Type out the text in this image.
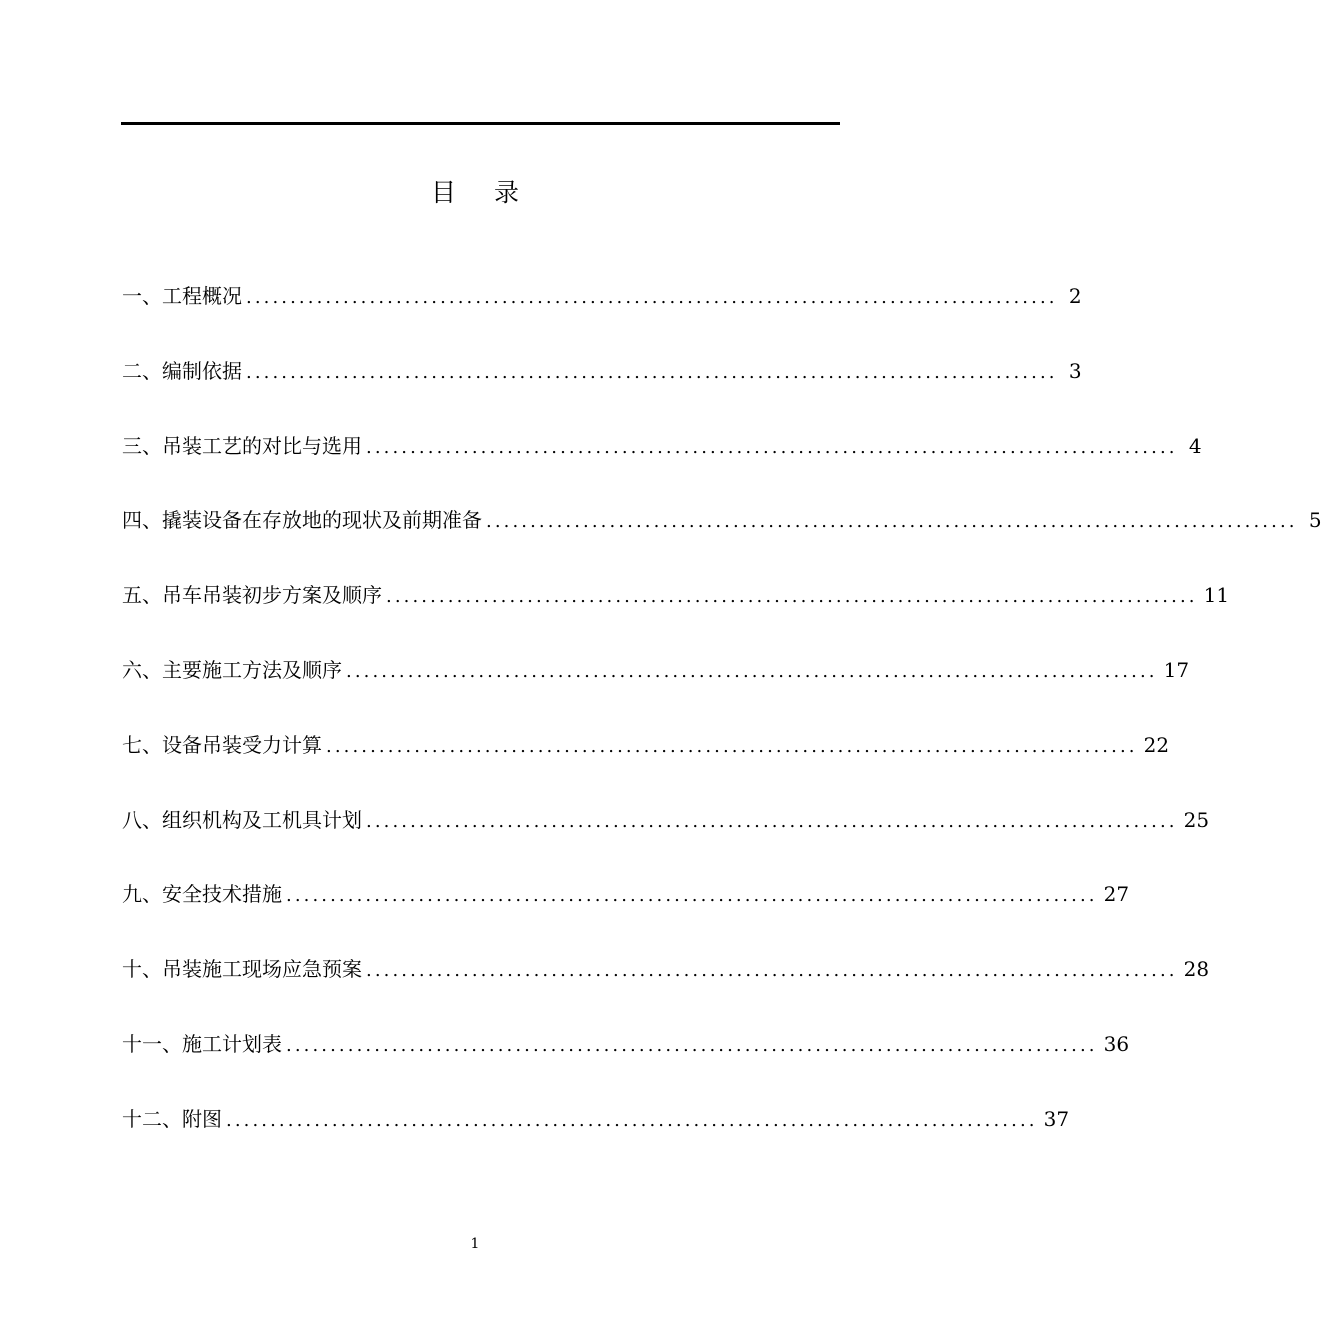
目 录
一、工程概况 ............................................................................................ 2
二、编制依据 ............................................................................................ 3
三、吊装工艺的对比与选用 ............................................................................................ 4
四、撬装设备在存放地的现状及前期准备 ............................................................................................ 5
五、吊车吊装初步方案及顺序 ............................................................................................ 11
六、主要施工方法及顺序 ............................................................................................ 17
七、设备吊装受力计算 ............................................................................................ 22
八、组织机构及工机具计划 ............................................................................................ 25
九、安全技术措施 ............................................................................................ 27
十、吊装施工现场应急预案 ............................................................................................ 28
十一、施工计划表 ............................................................................................ 36
十二、附图 ............................................................................................ 37
1
